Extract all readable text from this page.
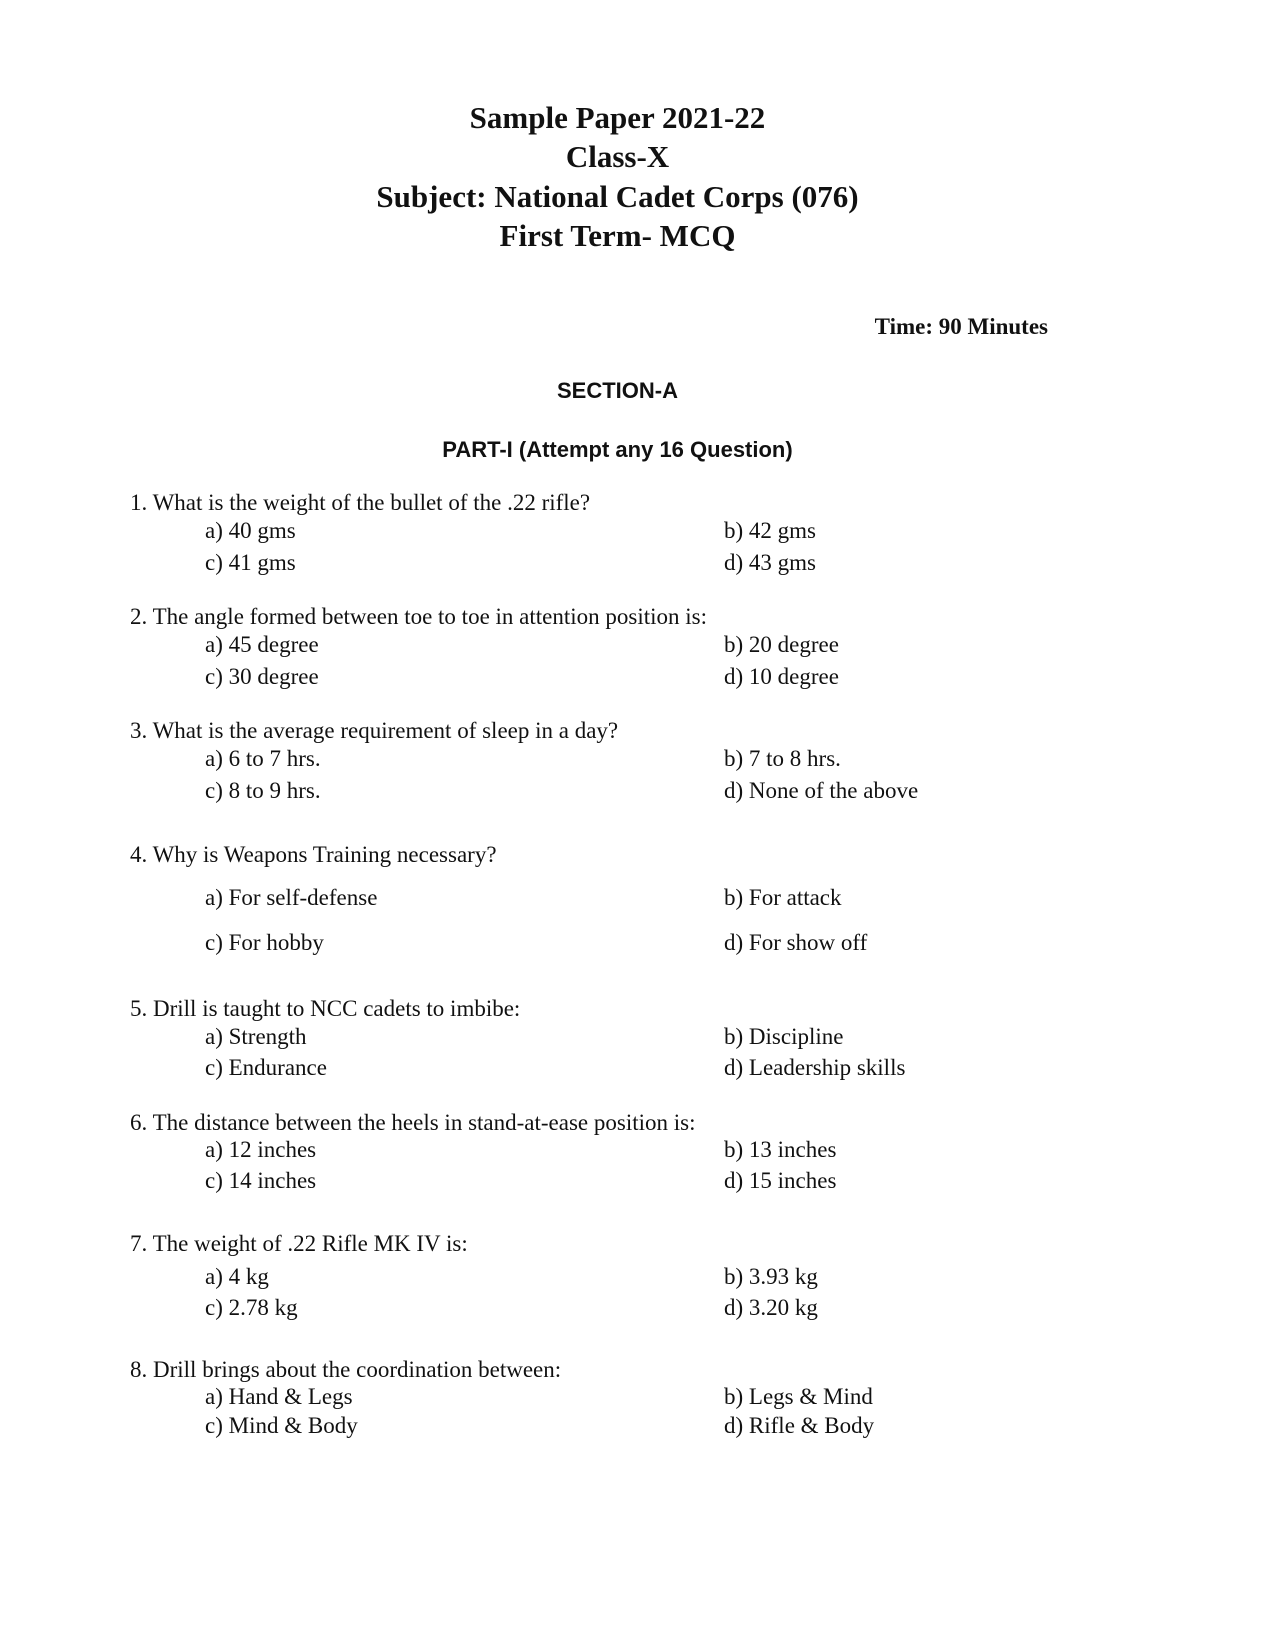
Sample Paper 2021-22
Class-X
Subject: National Cadet Corps (076)
First Term- MCQ
Time: 90 Minutes
SECTION-A
PART-I (Attempt any 16 Question)
1. What is the weight of the bullet of the .22 rifle?
a) 40 gms	b) 42 gms
c) 41 gms	d) 43 gms
2. The angle formed between toe to toe in attention position is:
a) 45 degree	b) 20 degree
c) 30 degree	d) 10 degree
3. What is the average requirement of sleep in a day?
a) 6 to 7 hrs.	b) 7 to 8 hrs.
c) 8 to 9 hrs.	d) None of the above
4. Why is Weapons Training necessary?
a) For self-defense	b) For attack
c) For hobby	d) For show off
5. Drill is taught to NCC cadets to imbibe:
a) Strength	b) Discipline
c) Endurance	d) Leadership skills
6. The distance between the heels in stand-at-ease position is:
a) 12 inches	b) 13 inches
c) 14 inches	d) 15 inches
7. The weight of .22 Rifle MK IV is:
a) 4 kg	b) 3.93 kg
c) 2.78 kg	d) 3.20 kg
8. Drill brings about the coordination between:
a) Hand & Legs	b) Legs & Mind
c) Mind & Body	d) Rifle & Body
